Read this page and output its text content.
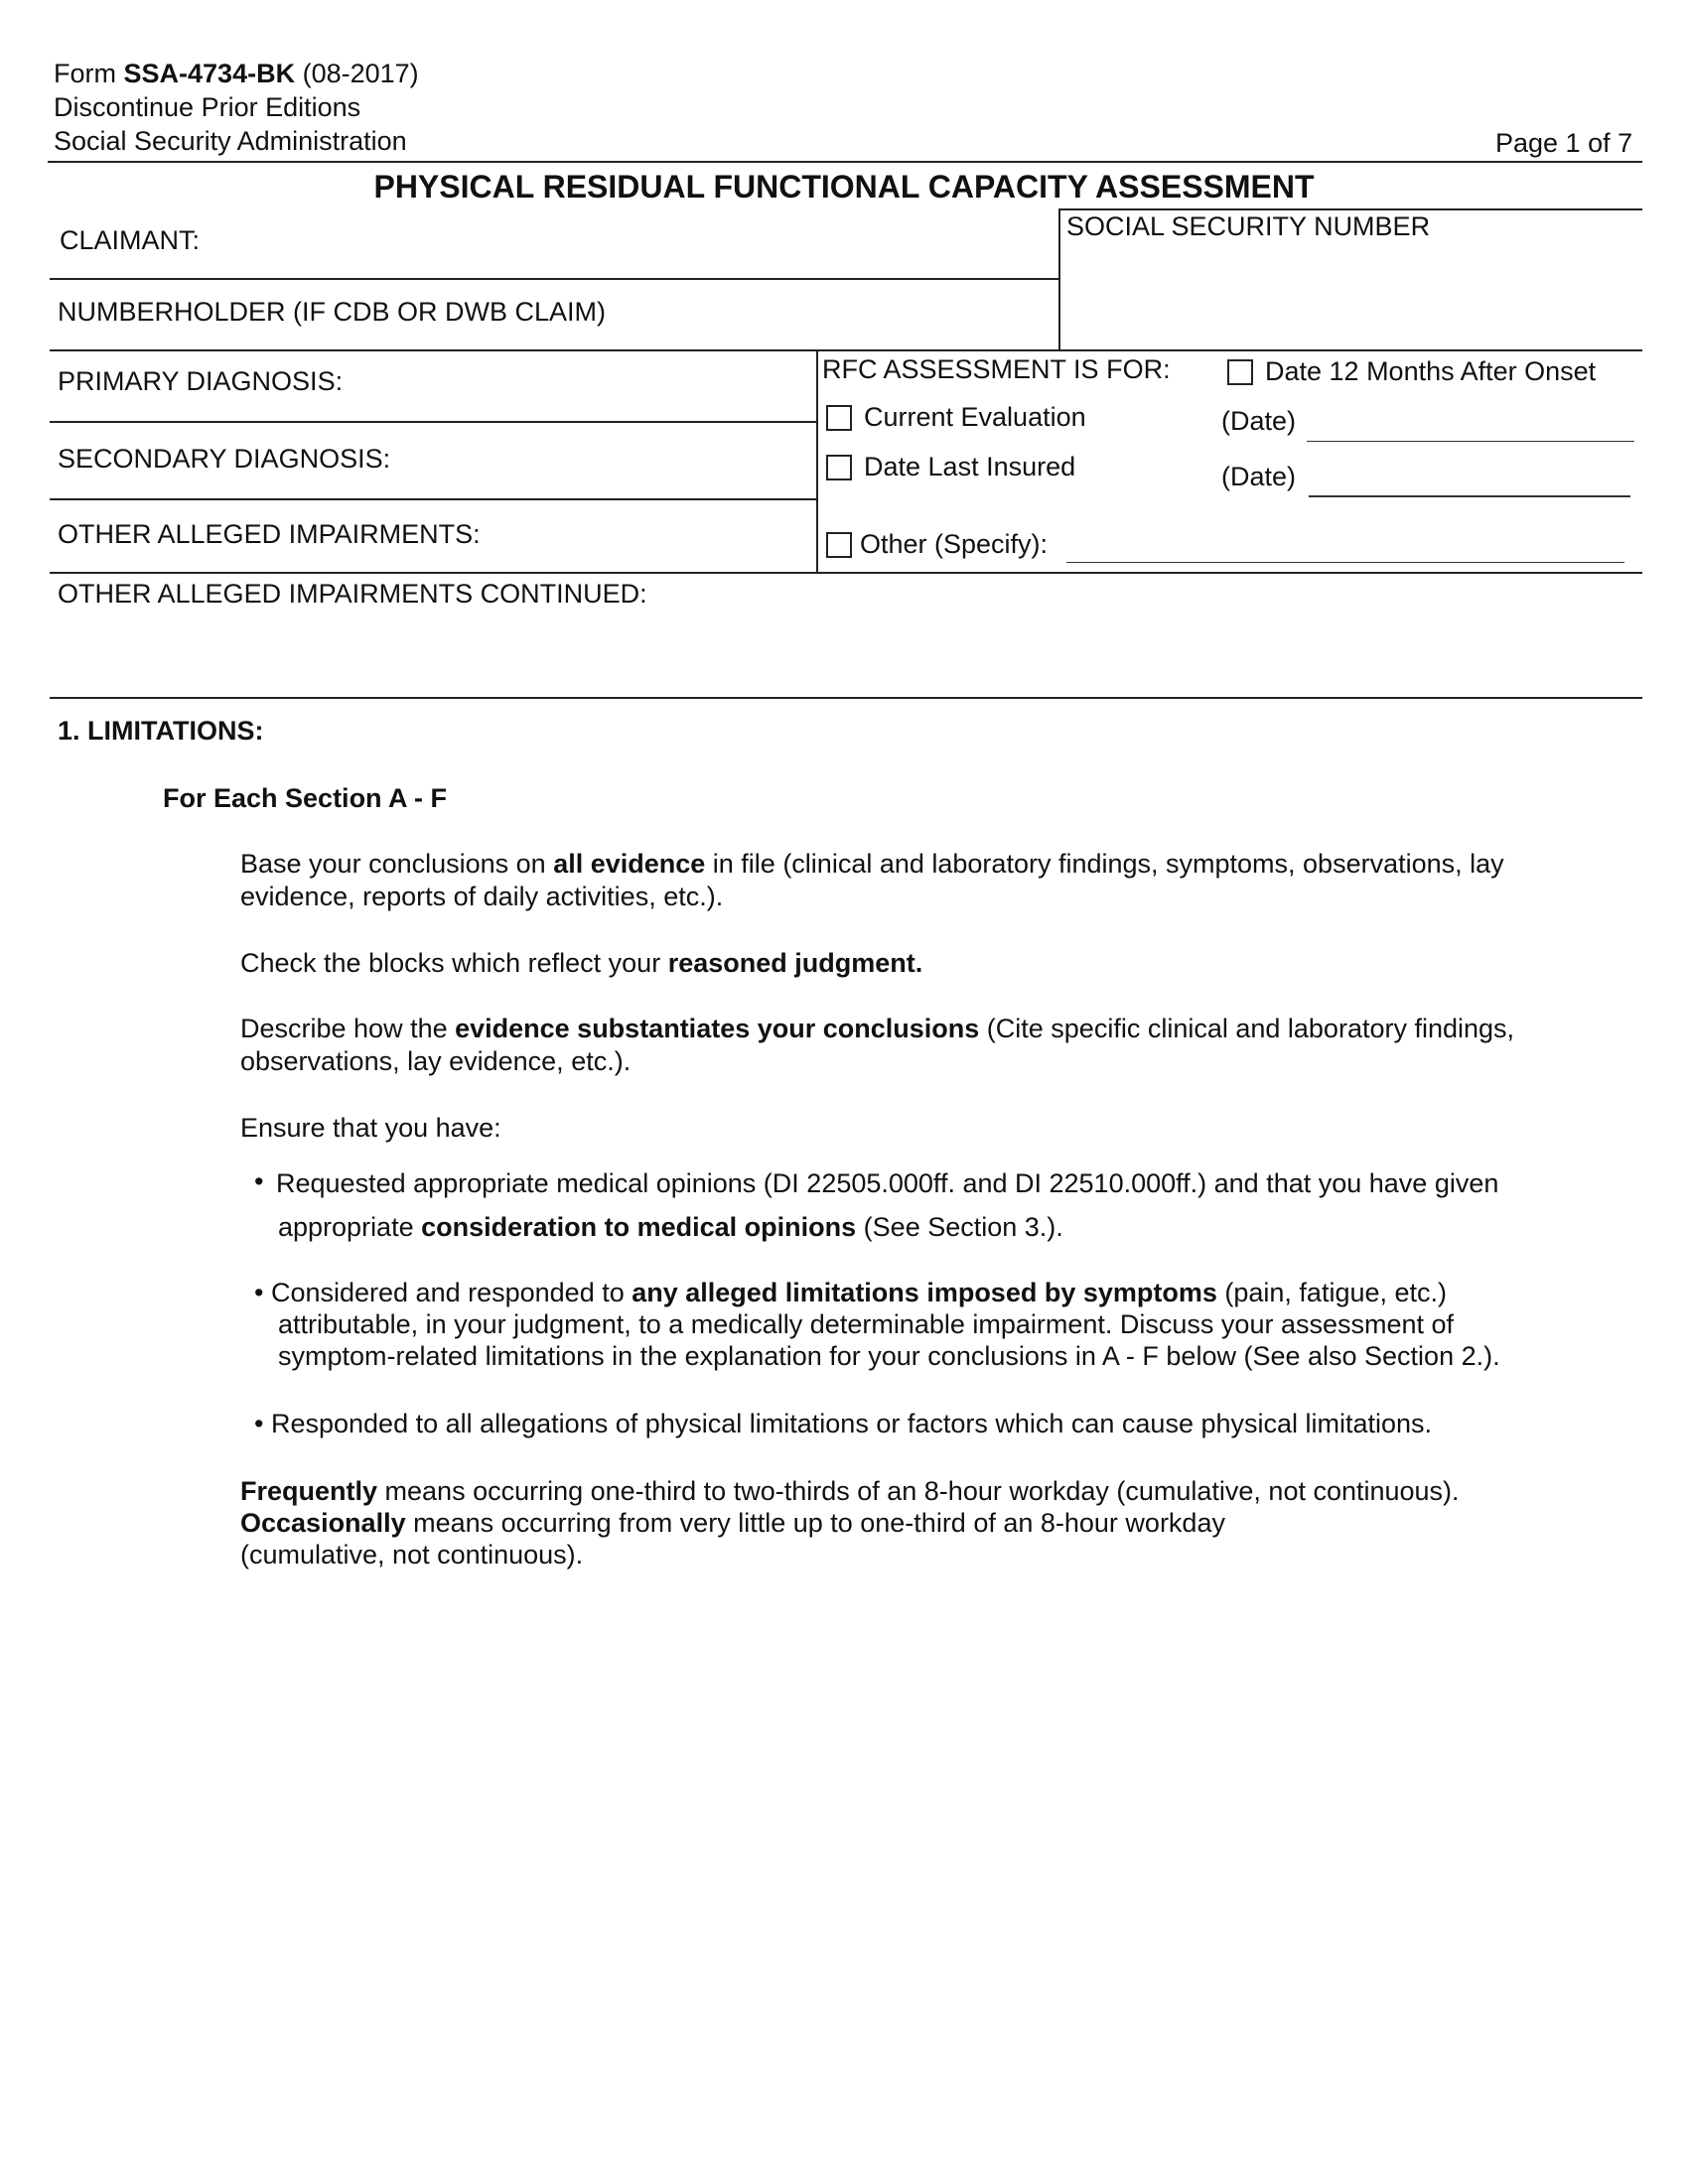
Form SSA-4734-BK (08-2017)
Discontinue Prior Editions
Social Security Administration	Page 1 of 7
PHYSICAL RESIDUAL FUNCTIONAL CAPACITY ASSESSMENT
CLAIMANT:	SOCIAL SECURITY NUMBER
NUMBERHOLDER (IF CDB OR DWB CLAIM)
PRIMARY DIAGNOSIS:
SECONDARY DIAGNOSIS:
OTHER ALLEGED IMPAIRMENTS:
OTHER ALLEGED IMPAIRMENTS CONTINUED:
RFC ASSESSMENT IS FOR:	Date 12 Months After Onset
Current Evaluation	(Date)
Date Last Insured	(Date)
Other (Specify):
1. LIMITATIONS:
For Each Section A - F
Base your conclusions on all evidence in file (clinical and laboratory findings, symptoms, observations, lay evidence, reports of daily activities, etc.).
Check the blocks which reflect your reasoned judgment.
Describe how the evidence substantiates your conclusions (Cite specific clinical and laboratory findings, observations, lay evidence, etc.).
Ensure that you have:
• Requested appropriate medical opinions (DI 22505.000ff. and DI 22510.000ff.) and that you have given
appropriate consideration to medical opinions (See Section 3.).
• Considered and responded to any alleged limitations imposed by symptoms (pain, fatigue, etc.)
attributable, in your judgment, to a medically determinable impairment. Discuss your assessment of
symptom-related limitations in the explanation for your conclusions in A - F below (See also Section 2.).
• Responded to all allegations of physical limitations or factors which can cause physical limitations.
Frequently means occurring one-third to two-thirds of an 8-hour workday (cumulative, not continuous).
Occasionally means occurring from very little up to one-third of an 8-hour workday
(cumulative, not continuous).
